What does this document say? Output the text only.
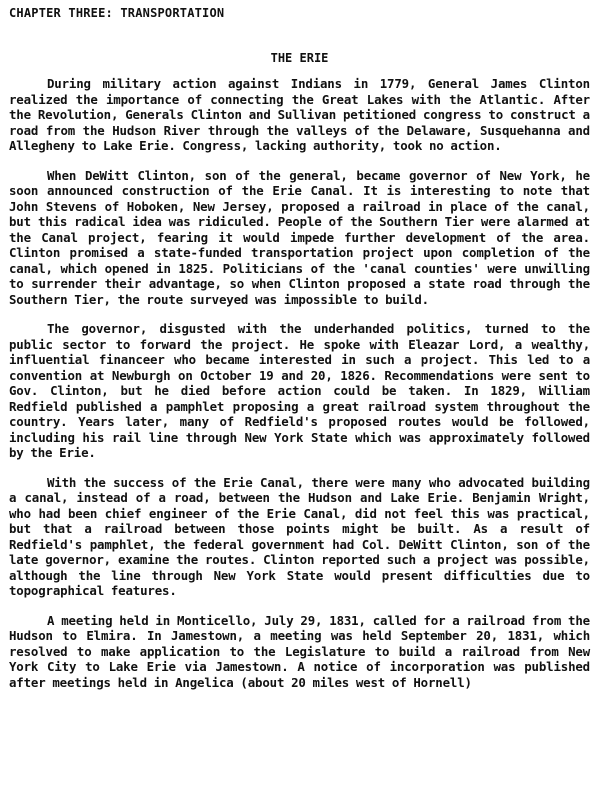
CHAPTER THREE: TRANSPORTATION
THE ERIE

During military action against Indians in 1779, General James Clinton realized the importance of connecting the Great Lakes with the Atlantic. After the Revolution, Generals Clinton and Sullivan petitioned congress to construct a road from the Hudson River through the valleys of the Delaware, Susquehanna and Allegheny to Lake Erie. Congress, lacking authority, took no action.

When DeWitt Clinton, son of the general, became governor of New York, he soon announced construction of the Erie Canal. It is interesting to note that John Stevens of Hoboken, New Jersey, proposed a railroad in place of the canal, but this radical idea was ridiculed. People of the Southern Tier were alarmed at the Canal project, fearing it would impede further development of the area. Clinton promised a state-funded transportation project upon completion of the canal, which opened in 1825. Politicians of the 'canal counties' were unwilling to surrender their advantage, so when Clinton proposed a state road through the Southern Tier, the route surveyed was impossible to build.

The governor, disgusted with the underhanded politics, turned to the public sector to forward the project. He spoke with Eleazar Lord, a wealthy, influential financeer who became interested in such a project. This led to a convention at Newburgh on October 19 and 20, 1826. Recommendations were sent to Gov. Clinton, but he died before action could be taken. In 1829, William Redfield published a pamphlet proposing a great railroad system throughout the country. Years later, many of Redfield's proposed routes would be followed, including his rail line through New York State which was approximately followed by the Erie.

With the success of the Erie Canal, there were many who advocated building a canal, instead of a road, between the Hudson and Lake Erie. Benjamin Wright, who had been chief engineer of the Erie Canal, did not feel this was practical, but that a railroad between those points might be built. As a result of Redfield's pamphlet, the federal government had Col. DeWitt Clinton, son of the late governor, examine the routes. Clinton reported such a project was possible, although the line through New York State would present difficulties due to topographical features.

A meeting held in Monticello, July 29, 1831, called for a railroad from the Hudson to Elmira. In Jamestown, a meeting was held September 20, 1831, which resolved to make application to the Legislature to build a railroad from New York City to Lake Erie via Jamestown. A notice of incorporation was published after meetings held in Angelica (about 20 miles west of Hornell)
